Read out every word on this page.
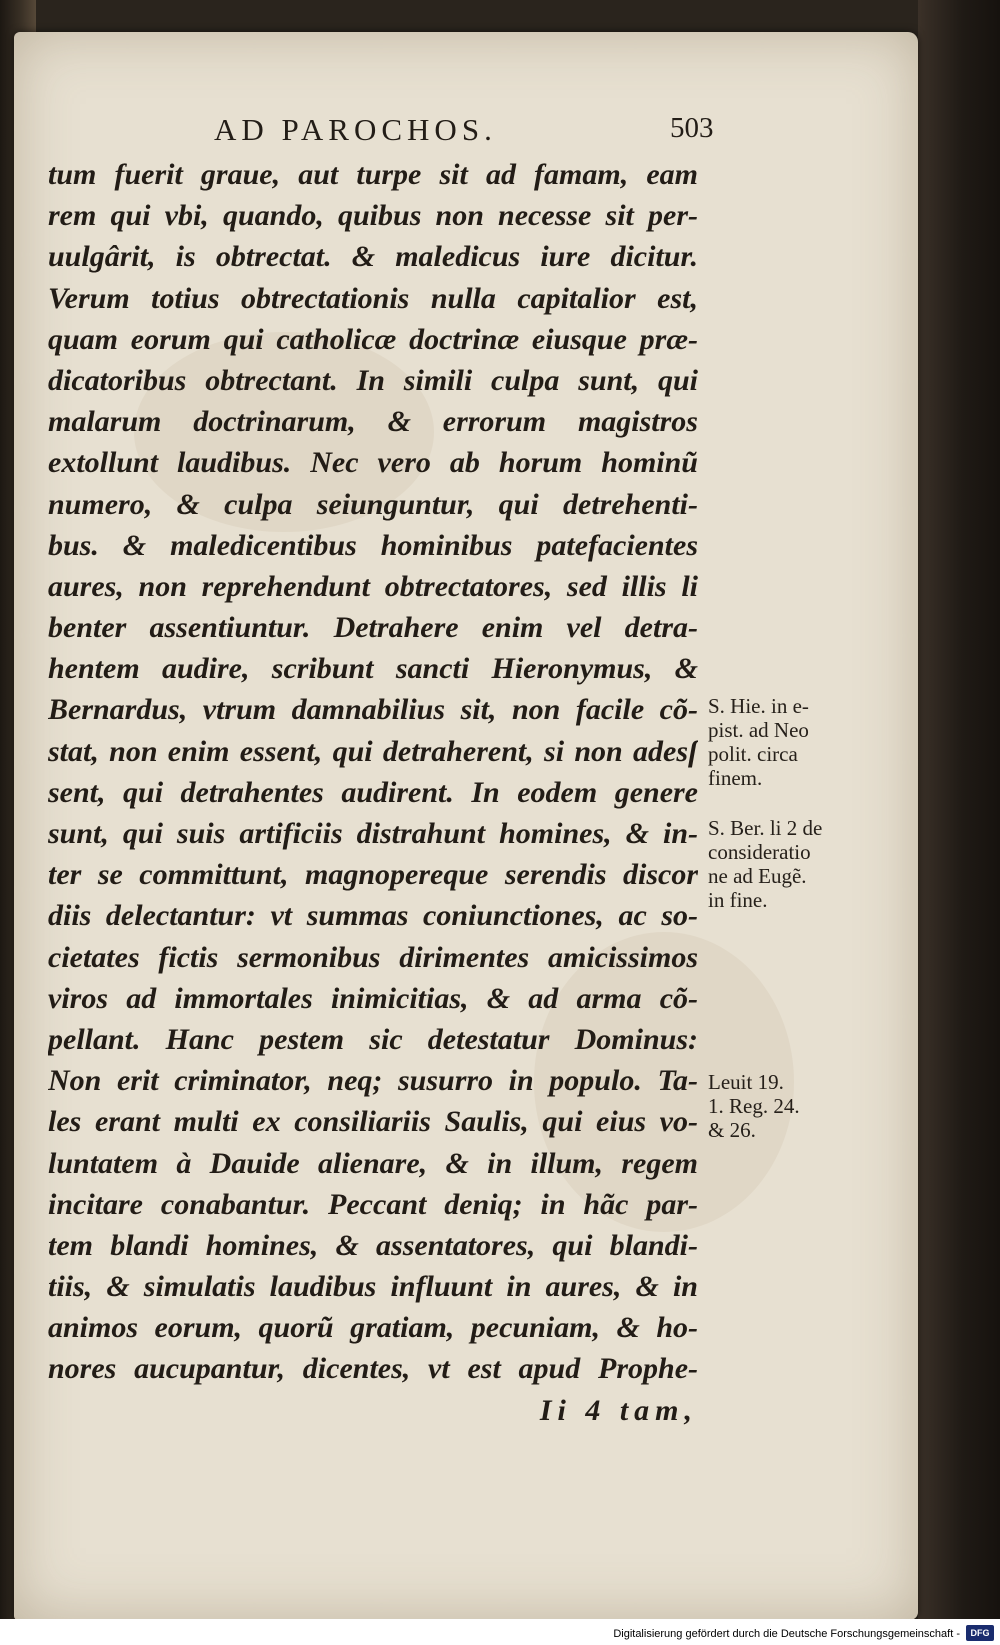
AD PAROCHOS.	503
tum fuerit graue, aut turpe sit ad famam, eam
rem qui vbi, quando, quibus non necesse sit per-
uulgârit, is obtrectat. & maledicus iure dicitur.
Verum totius obtrectationis nulla capitalior est,
quam eorum qui catholicæ doctrinæ eiusque præ-
dicatoribus obtrectant. In simili culpa sunt, qui
malarum doctrinarum, & errorum magistros
extollunt laudibus. Nec vero ab horum hominũ
numero, & culpa seiunguntur, qui detrehenti-
bus. & maledicentibus hominibus patefacientes
aures, non reprehendunt obtrectatores, sed illis li
benter assentiuntur. Detrahere enim vel detra-
hentem audire, scribunt sancti Hieronymus, &
Bernardus, vtrum damnabilius sit, non facile cõ-
stat, non enim essent, qui detraherent, si non adesſ
sent, qui detrahentes audirent. In eodem genere
sunt, qui suis artificiis distrahunt homines, & in-
ter se committunt, magnopereque serendis discor
diis delectantur: vt summas coniunctiones, ac so-
cietates fictis sermonibus dirimentes amicissimos
viros ad immortales inimicitias, & ad arma cõ-
pellant. Hanc pestem sic detestatur Dominus:
Non erit criminator, neq; susurro in populo. Ta-
les erant multi ex consiliariis Saulis, qui eius vo-
luntatem à Dauide alienare, & in illum, regem
incitare conabantur. Peccant deniq; in hãc par-
tem blandi homines, & assentatores, qui blandi-
tiis, & simulatis laudibus influunt in aures, & in
animos eorum, quorũ gratiam, pecuniam, & ho-
nores aucupantur, dicentes, vt est apud Prophe-
Ii 4 tam,
S. Hie. in e-
pist. ad Neo
polit. circa
finem.
S. Ber. li 2 de
consideratio
ne ad Eugẽ.
in fine.
Leuit 19.
1. Reg. 24.
& 26.
Digitalisierung gefördert durch die Deutsche Forschungsgemeinschaft -	DFG
